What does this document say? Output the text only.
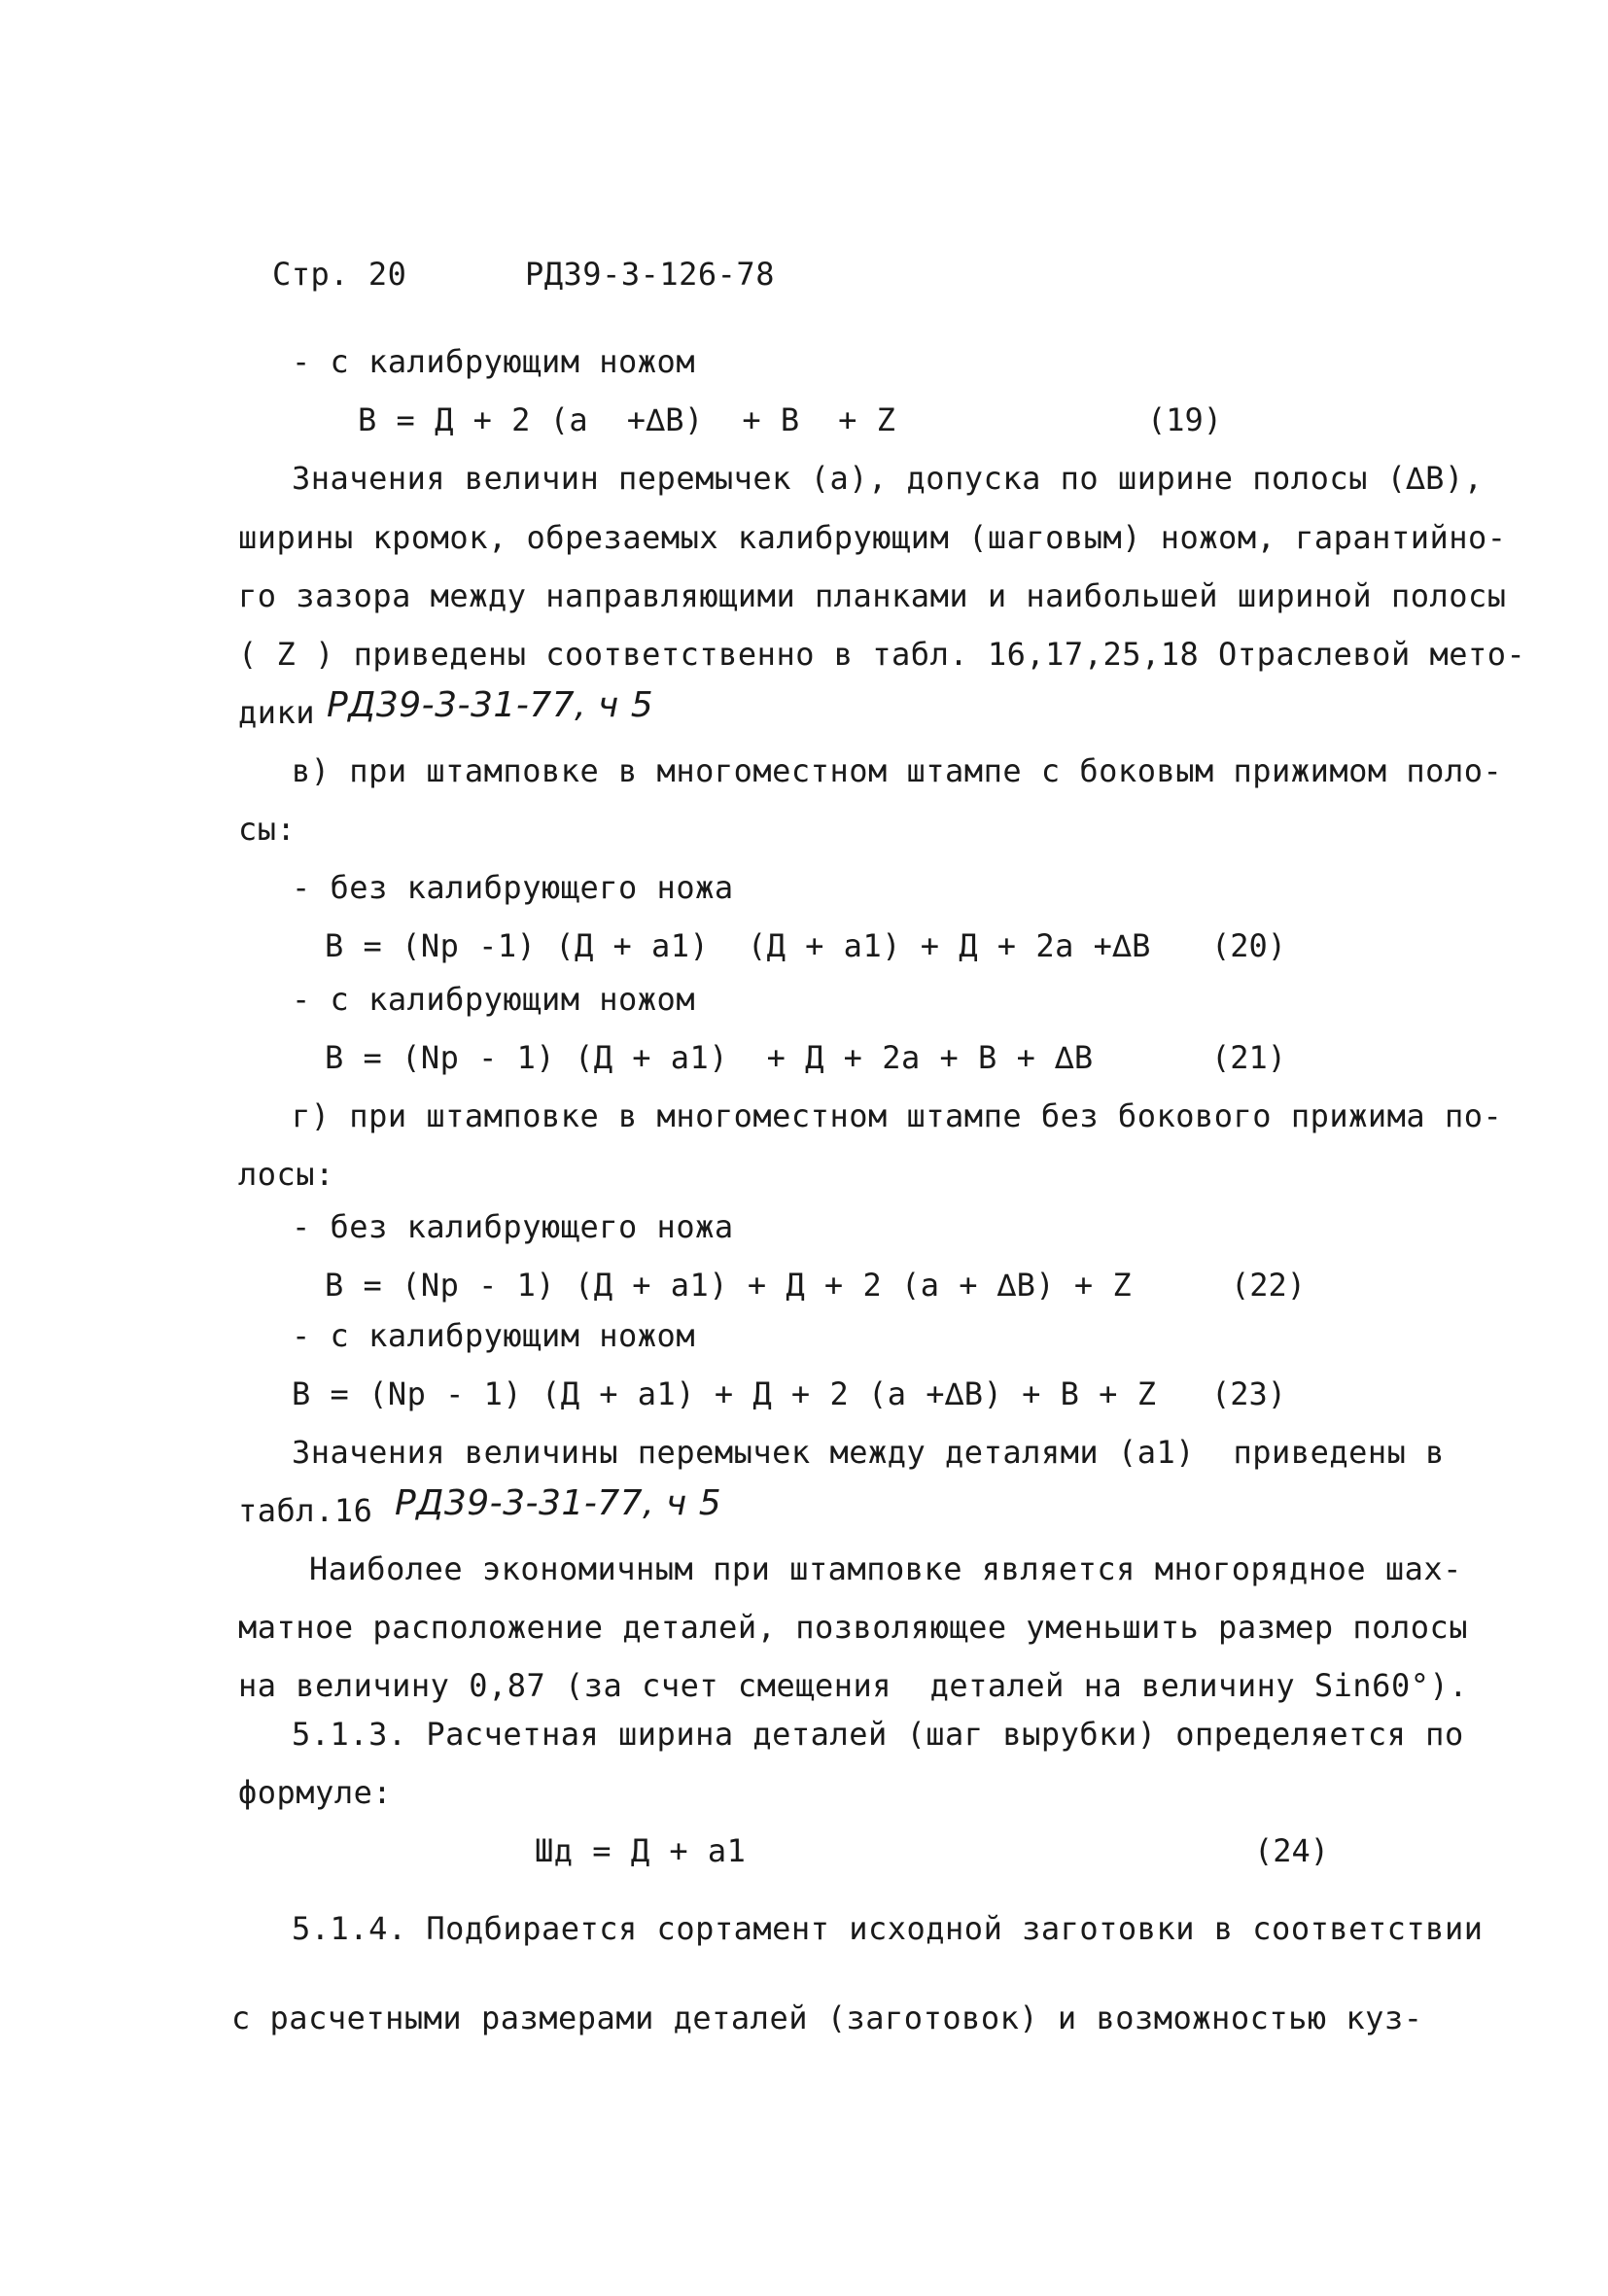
Стр. 20	РД39-3-126-78
- с калибрующим ножом
В = Д + 2 (а  +∆В)  + В  + Z	(19)
Значения величин перемычек (а), допуска по ширине полосы (∆В),
ширины кромок, обрезаемых калибрующим (шаговым) ножом, гарантийно-
го зазора между направляющими планками и наибольшей шириной полосы
( Z ) приведены соответственно в табл. 16,17,25,18 Отраслевой мето-
дики РД39-3-31-77, ч 5
в) при штамповке в многоместном штампе с боковым прижимом поло-
сы:
- без калибрующего ножа
В = (Np -1) (Д + а1)  (Д + а1) + Д + 2а +∆В (20)
- с калибрующим ножом
В = (Np - 1) (Д + а1)  + Д + 2а + В + ∆В	(21)
г) при штамповке в многоместном штампе без бокового прижима по-
лосы:
- без калибрующего ножа
В = (Np - 1) (Д + а1) + Д + 2 (а + ∆В) + Z	(22)
- с калибрующим ножом
В = (Np - 1) (Д + а1) + Д + 2 (а +∆В) + В + Z (23)
Значения величины перемычек между деталями (а1)  приведены в
табл.16 РД39-3-31-77, ч 5
Наиболее экономичным при штамповке является многорядное шах-
матное расположение деталей, позволяющее уменьшить размер полосы
на величину 0,87 (за счет смещения  деталей на величину Sin60°).
5.1.3. Расчетная ширина деталей (шаг вырубки) определяется по
формуле:
Шд = Д + а1	(24)
5.1.4. Подбирается сортамент исходной заготовки в соответствии
с расчетными размерами деталей (заготовок) и возможностью куз-
